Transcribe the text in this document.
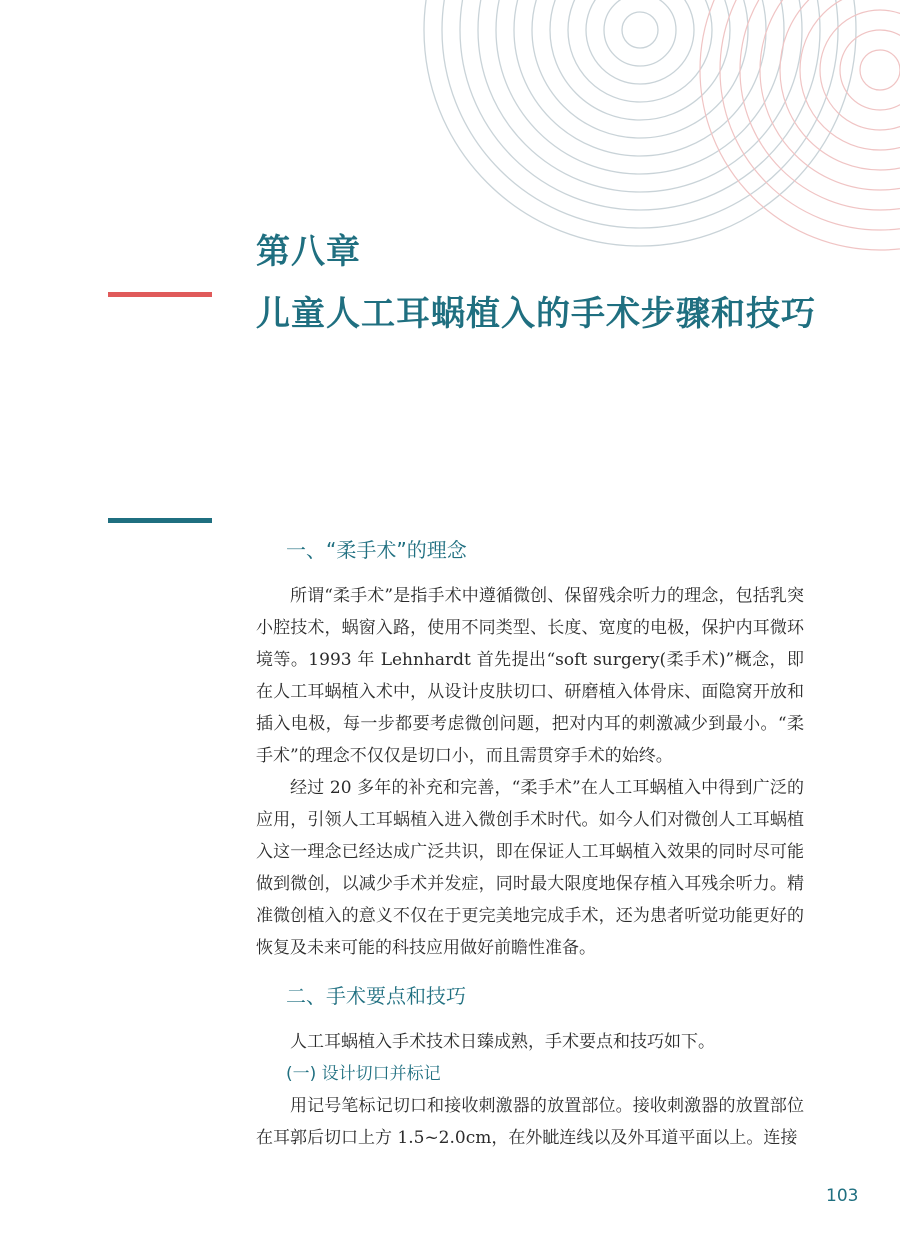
第八章
儿童人工耳蜗植入的手术步骤和技巧
一、“柔手术”的理念

所谓“柔手术”是指手术中遵循微创、保留残余听力的理念，包括乳突小腔技术，蜗窗入路，使用不同类型、长度、宽度的电极，保护内耳微环境等。1993 年 Lehnhardt 首先提出“soft surgery(柔手术)”概念，即在人工耳蜗植入术中，从设计皮肤切口、研磨植入体骨床、面隐窝开放和插入电极，每一步都要考虑微创问题，把对内耳的刺激减少到最小。“柔手术”的理念不仅仅是切口小，而且需贯穿手术的始终。

经过 20 多年的补充和完善，“柔手术”在人工耳蜗植入中得到广泛的应用，引领人工耳蜗植入进入微创手术时代。如今人们对微创人工耳蜗植入这一理念已经达成广泛共识，即在保证人工耳蜗植入效果的同时尽可能做到微创，以减少手术并发症，同时最大限度地保存植入耳残余听力。精准微创植入的意义不仅在于更完美地完成手术，还为患者听觉功能更好的恢复及未来可能的科技应用做好前瞻性准备。

二、手术要点和技巧

人工耳蜗植入手术技术日臻成熟，手术要点和技巧如下。

(一) 设计切口并标记

用记号笔标记切口和接收刺激器的放置部位。接收刺激器的放置部位在耳郭后切口上方 1.5~2.0cm，在外眦连线以及外耳道平面以上。连接

103
